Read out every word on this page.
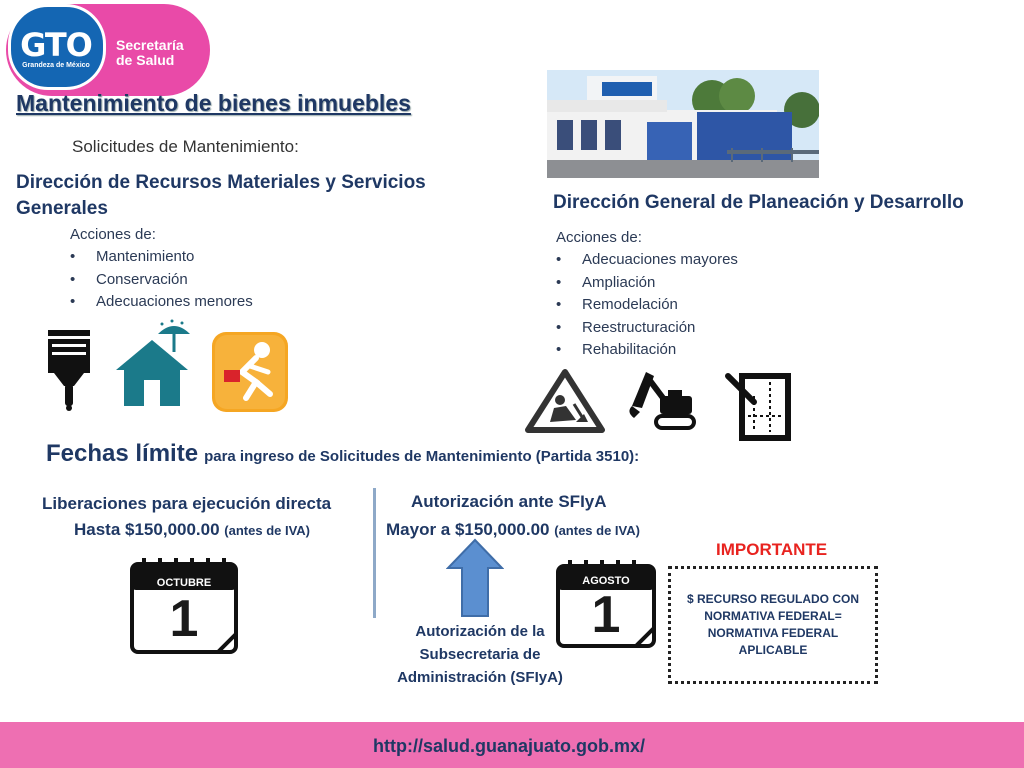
GTO
Grandeza de México
Secretaría
de Salud
Mantenimiento de bienes inmuebles
Solicitudes de Mantenimiento:
Dirección de Recursos Materiales y Servicios Generales
Acciones de:
• Mantenimiento
• Conservación
• Adecuaciones menores
Dirección General de Planeación y Desarrollo
Acciones de:
• Adecuaciones mayores
• Ampliación
• Remodelación
• Reestructuración
• Rehabilitación
Fechas límite para ingreso de Solicitudes de Mantenimiento (Partida 3510):
Liberaciones para ejecución directa
Hasta $150,000.00 (antes de IVA)
OCTUBRE
1
Autorización ante SFIyA
Mayor a $150,000.00 (antes de IVA)
AGOSTO
1
IMPORTANTE
$ RECURSO REGULADO CON
NORMATIVA FEDERAL=
NORMATIVA FEDERAL
APLICABLE
Autorización de la
Subsecretaria de
Administración (SFIyA)
http://salud.guanajuato.gob.mx/
